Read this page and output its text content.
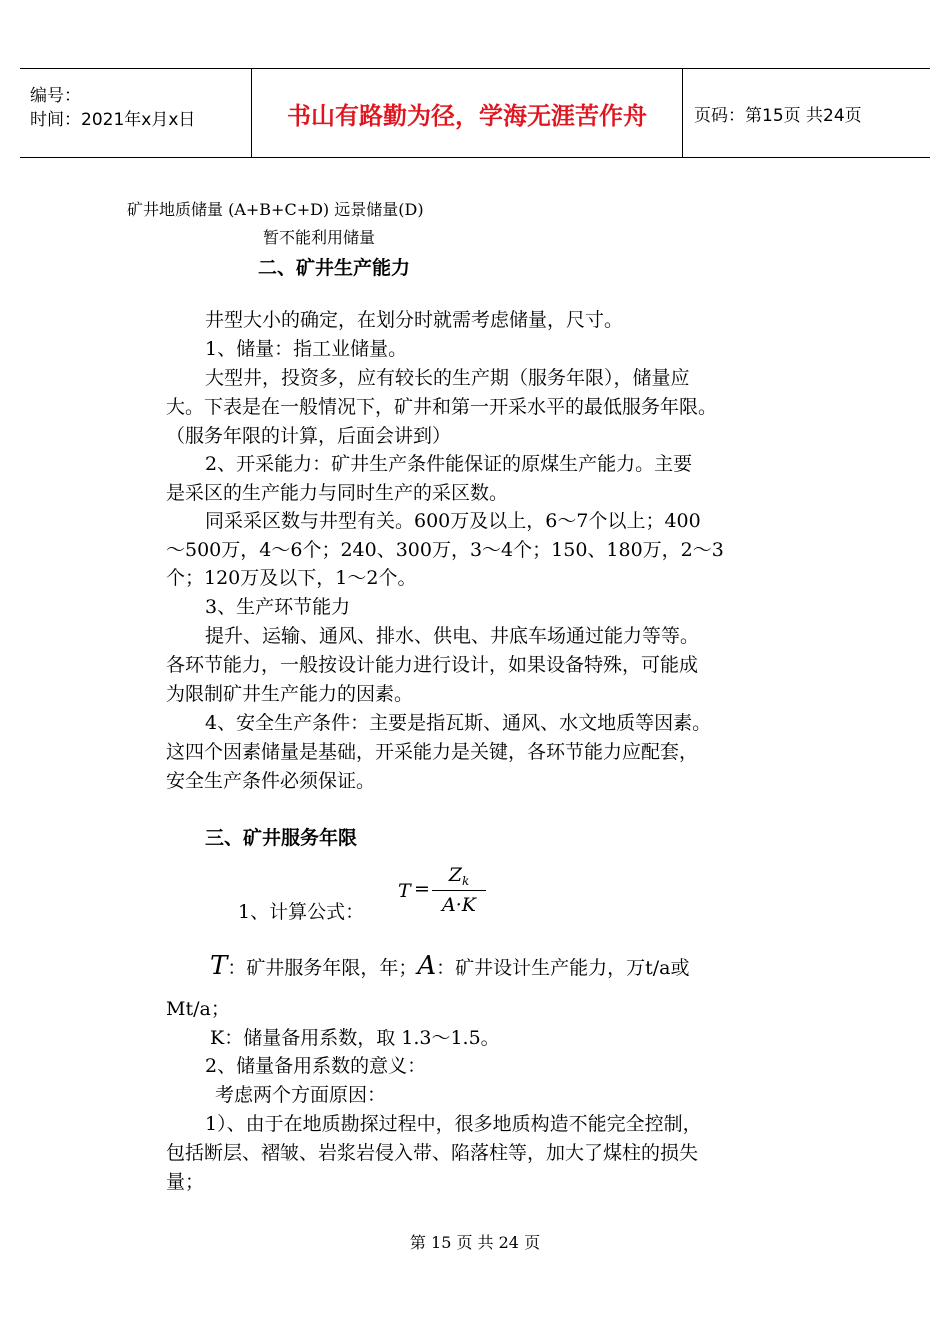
编号：
时间：2021年x月x日	书山有路勤为径，学海无涯苦作舟	页码：第15页 共24页
矿井地质储量 (A+B+C+D) 远景储量(D)
暂不能利用储量
二、矿井生产能力
井型大小的确定，在划分时就需考虑储量，尺寸。
1、储量：指工业储量。
大型井，投资多，应有较长的生产期（服务年限），储量应
大。下表是在一般情况下，矿井和第一开采水平的最低服务年限。
（服务年限的计算，后面会讲到）
2、开采能力：矿井生产条件能保证的原煤生产能力。主要
是采区的生产能力与同时生产的采区数。
同采采区数与井型有关。600万及以上，6～7个以上；400
～500万，4～6个；240、300万，3～4个；150、180万，2～3
个；120万及以下，1～2个。
3、生产环节能力
提升、运输、通风、排水、供电、井底车场通过能力等等。
各环节能力，一般按设计能力进行设计，如果设备特殊，可能成
为限制矿井生产能力的因素。
4、安全生产条件：主要是指瓦斯、通风、水文地质等因素。
这四个因素储量是基础，开采能力是关键，各环节能力应配套，
安全生产条件必须保证。
三、矿井服务年限
1、计算公式：
T =
$Z_k$
A·K
T：矿井服务年限，年；A：矿井设计生产能力，万t/a或
Mt/a；
K：储量备用系数，取 1.3～1.5。
2、储量备用系数的意义：
考虑两个方面原因：
1）、由于在地质勘探过程中，很多地质构造不能完全控制，
包括断层、褶皱、岩浆岩侵入带、陷落柱等，加大了煤柱的损失
量；
第 15 页 共 24 页
